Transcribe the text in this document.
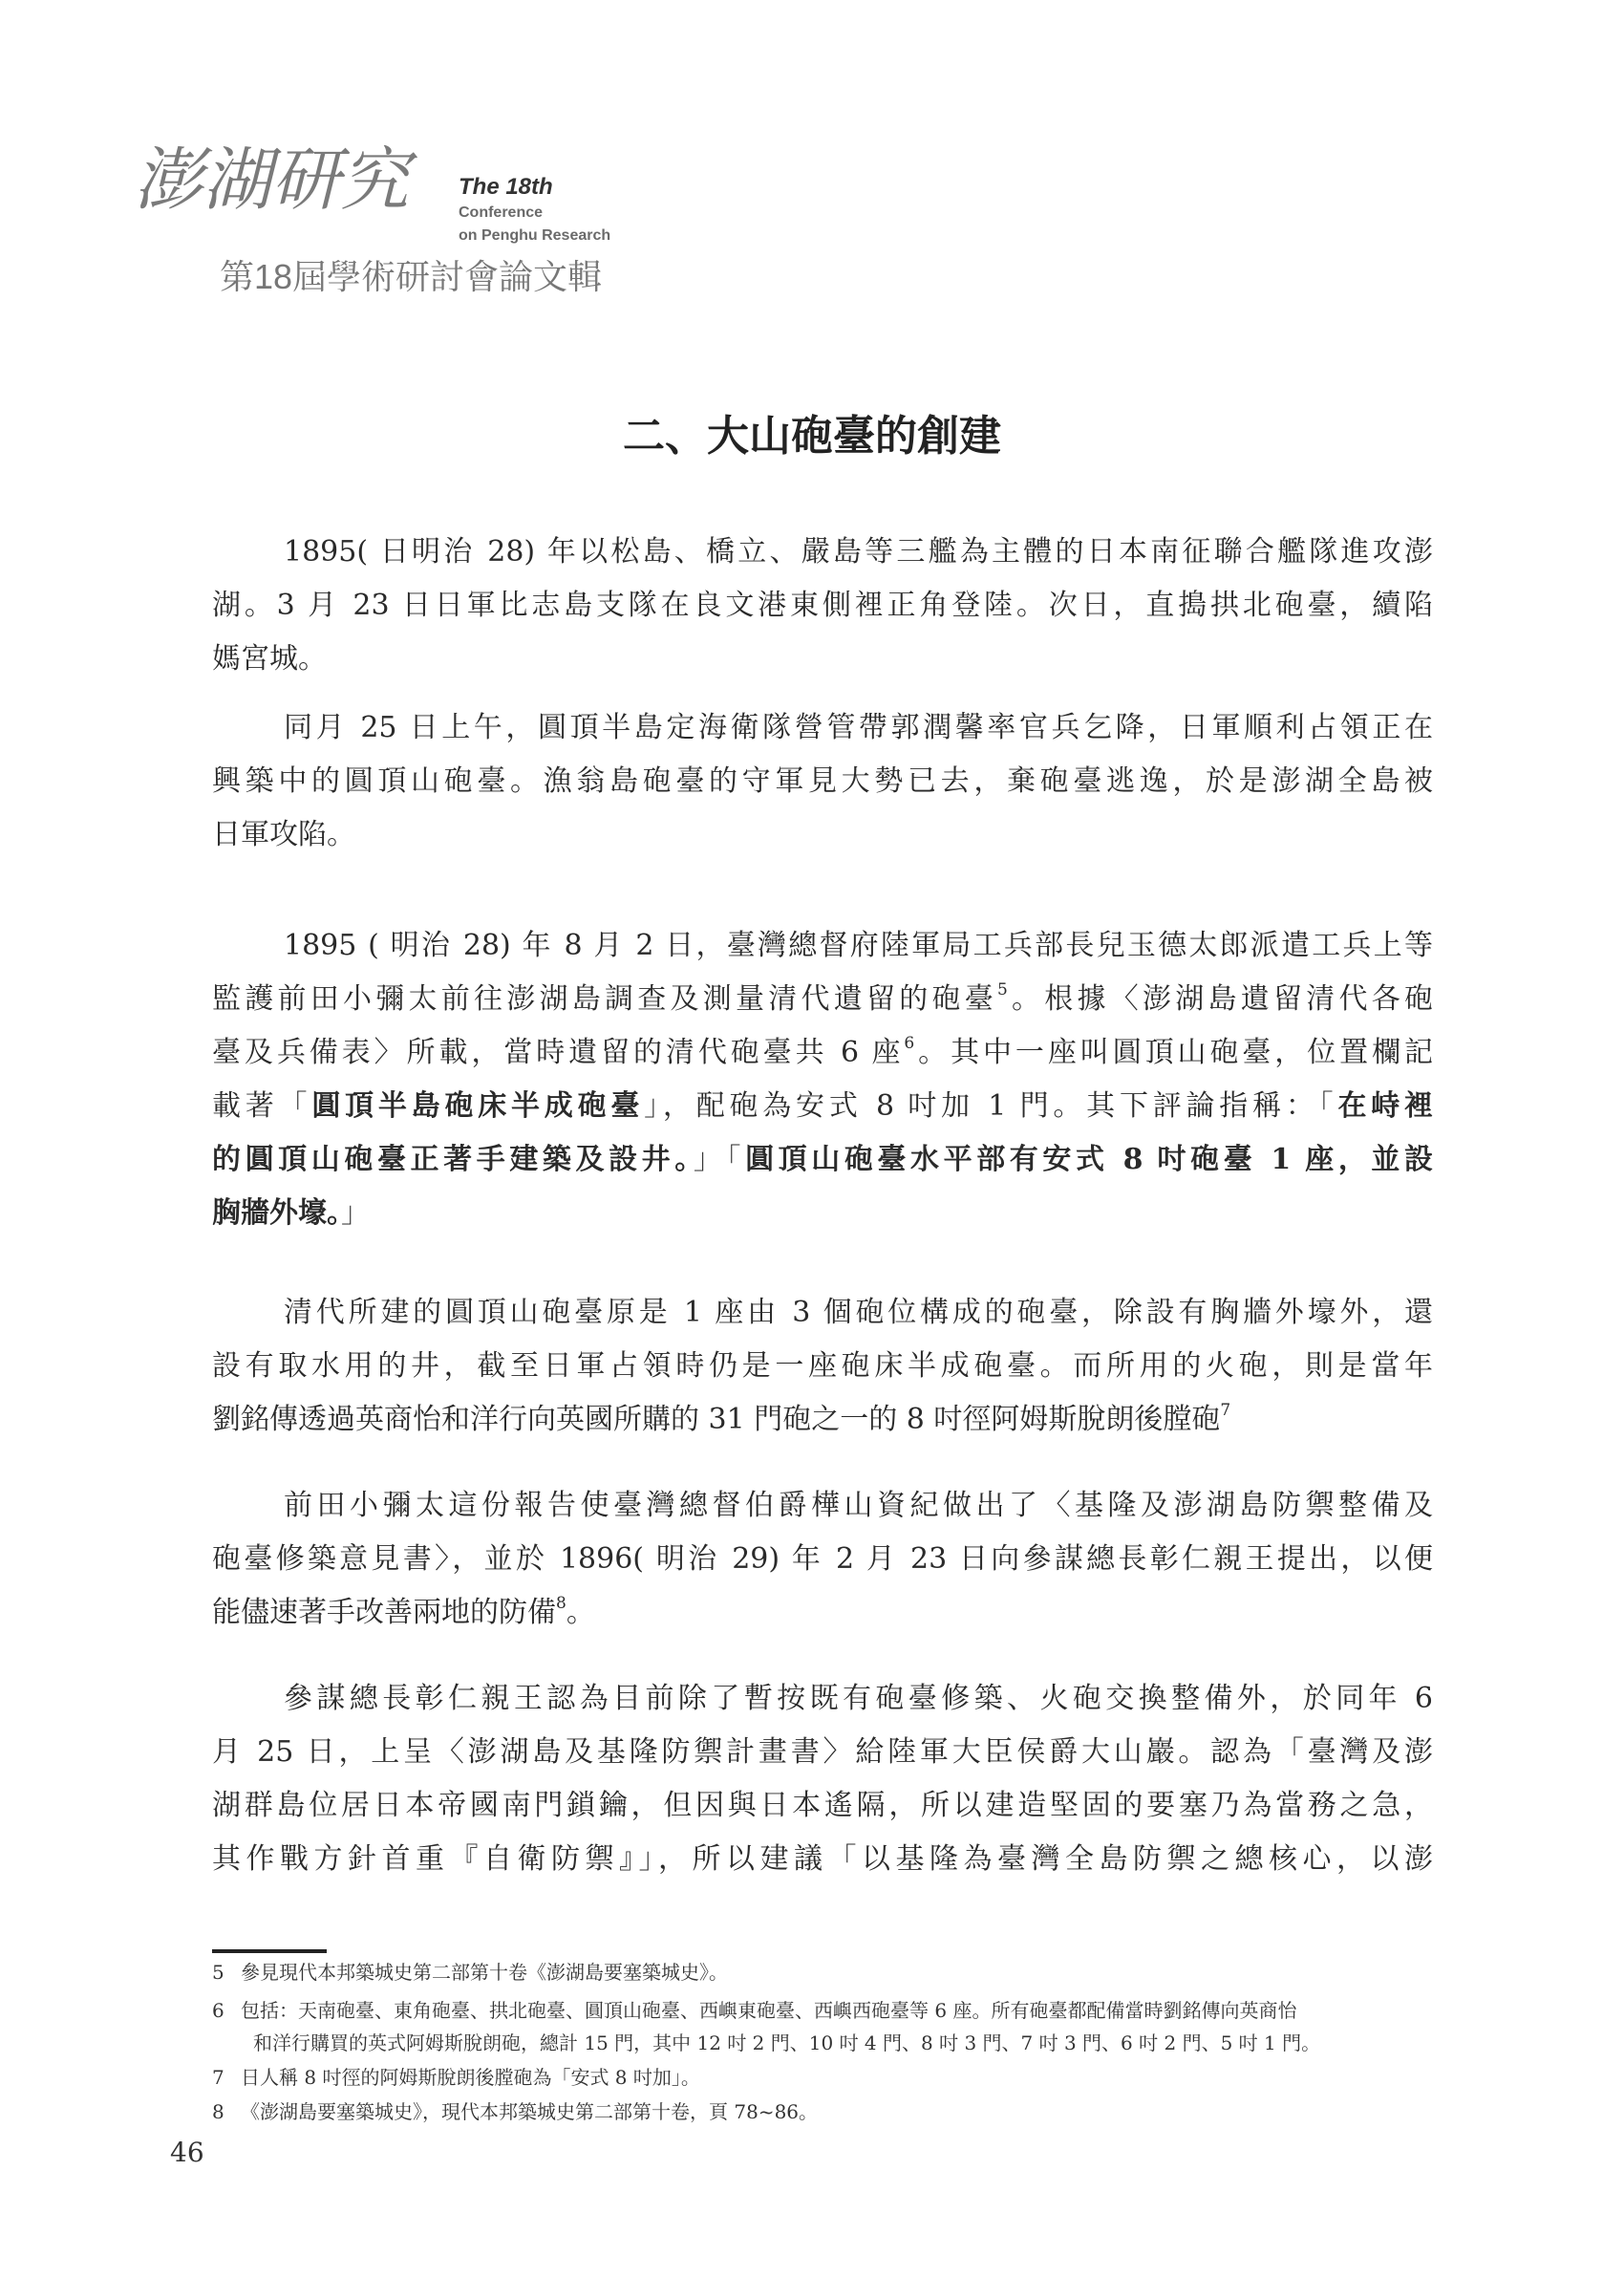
澎湖研究 The 18th
Conference
on Penghu Research
第18屆學術研討會論文輯
二、大山砲臺的創建
1895( 日明治 28) 年以松島、橋立、嚴島等三艦為主體的日本南征聯合艦隊進攻澎
湖。3 月 23 日日軍比志島支隊在良文港東側裡正角登陸。次日，直搗拱北砲臺，續陷
媽宮城。
同月 25 日上午，圓頂半島定海衛隊營管帶郭潤馨率官兵乞降，日軍順利占領正在
興築中的圓頂山砲臺。漁翁島砲臺的守軍見大勢已去，棄砲臺逃逸，於是澎湖全島被
日軍攻陷。
1895 ( 明治 28) 年 8 月 2 日，臺灣總督府陸軍局工兵部長兒玉德太郎派遣工兵上等
監護前田小彌太前往澎湖島調查及測量清代遺留的砲臺$^5$。根據〈澎湖島遺留清代各砲
臺及兵備表〉所載，當時遺留的清代砲臺共 6 座$^6$。其中一座叫圓頂山砲臺，位置欄記
載著「圓頂半島砲床半成砲臺」，配砲為安式 8 吋加 1 門。其下評論指稱：「在峙裡
的圓頂山砲臺正著手建築及設井。」「圓頂山砲臺水平部有安式 8 吋砲臺 1 座，並設
胸牆外壕。」
清代所建的圓頂山砲臺原是 1 座由 3 個砲位構成的砲臺，除設有胸牆外壕外，還
設有取水用的井，截至日軍占領時仍是一座砲床半成砲臺。而所用的火砲，則是當年
劉銘傳透過英商怡和洋行向英國所購的 31 門砲之一的 8 吋徑阿姆斯脫朗後膛砲$^7$
前田小彌太這份報告使臺灣總督伯爵樺山資紀做出了〈基隆及澎湖島防禦整備及
砲臺修築意見書〉，並於 1896( 明治 29) 年 2 月 23 日向參謀總長彰仁親王提出，以便
能儘速著手改善兩地的防備$^8$。
參謀總長彰仁親王認為目前除了暫按既有砲臺修築、火砲交換整備外，於同年 6
月 25 日，上呈〈澎湖島及基隆防禦計畫書〉給陸軍大臣侯爵大山巖。認為「臺灣及澎
湖群島位居日本帝國南門鎖鑰，但因與日本遙隔，所以建造堅固的要塞乃為當務之急，
其作戰方針首重『自衛防禦』」，所以建議「以基隆為臺灣全島防禦之總核心，以澎
5 參見現代本邦築城史第二部第十卷《澎湖島要塞築城史》。
6 包括：天南砲臺、東角砲臺、拱北砲臺、圓頂山砲臺、西嶼東砲臺、西嶼西砲臺等 6 座。所有砲臺都配備當時劉銘傳向英商怡
和洋行購買的英式阿姆斯脫朗砲，總計 15 門，其中 12 吋 2 門、10 吋 4 門、8 吋 3 門、7 吋 3 門、6 吋 2 門、5 吋 1 門。
7 日人稱 8 吋徑的阿姆斯脫朗後膛砲為「安式 8 吋加」。
8 《澎湖島要塞築城史》，現代本邦築城史第二部第十卷，頁 78~86。
46
